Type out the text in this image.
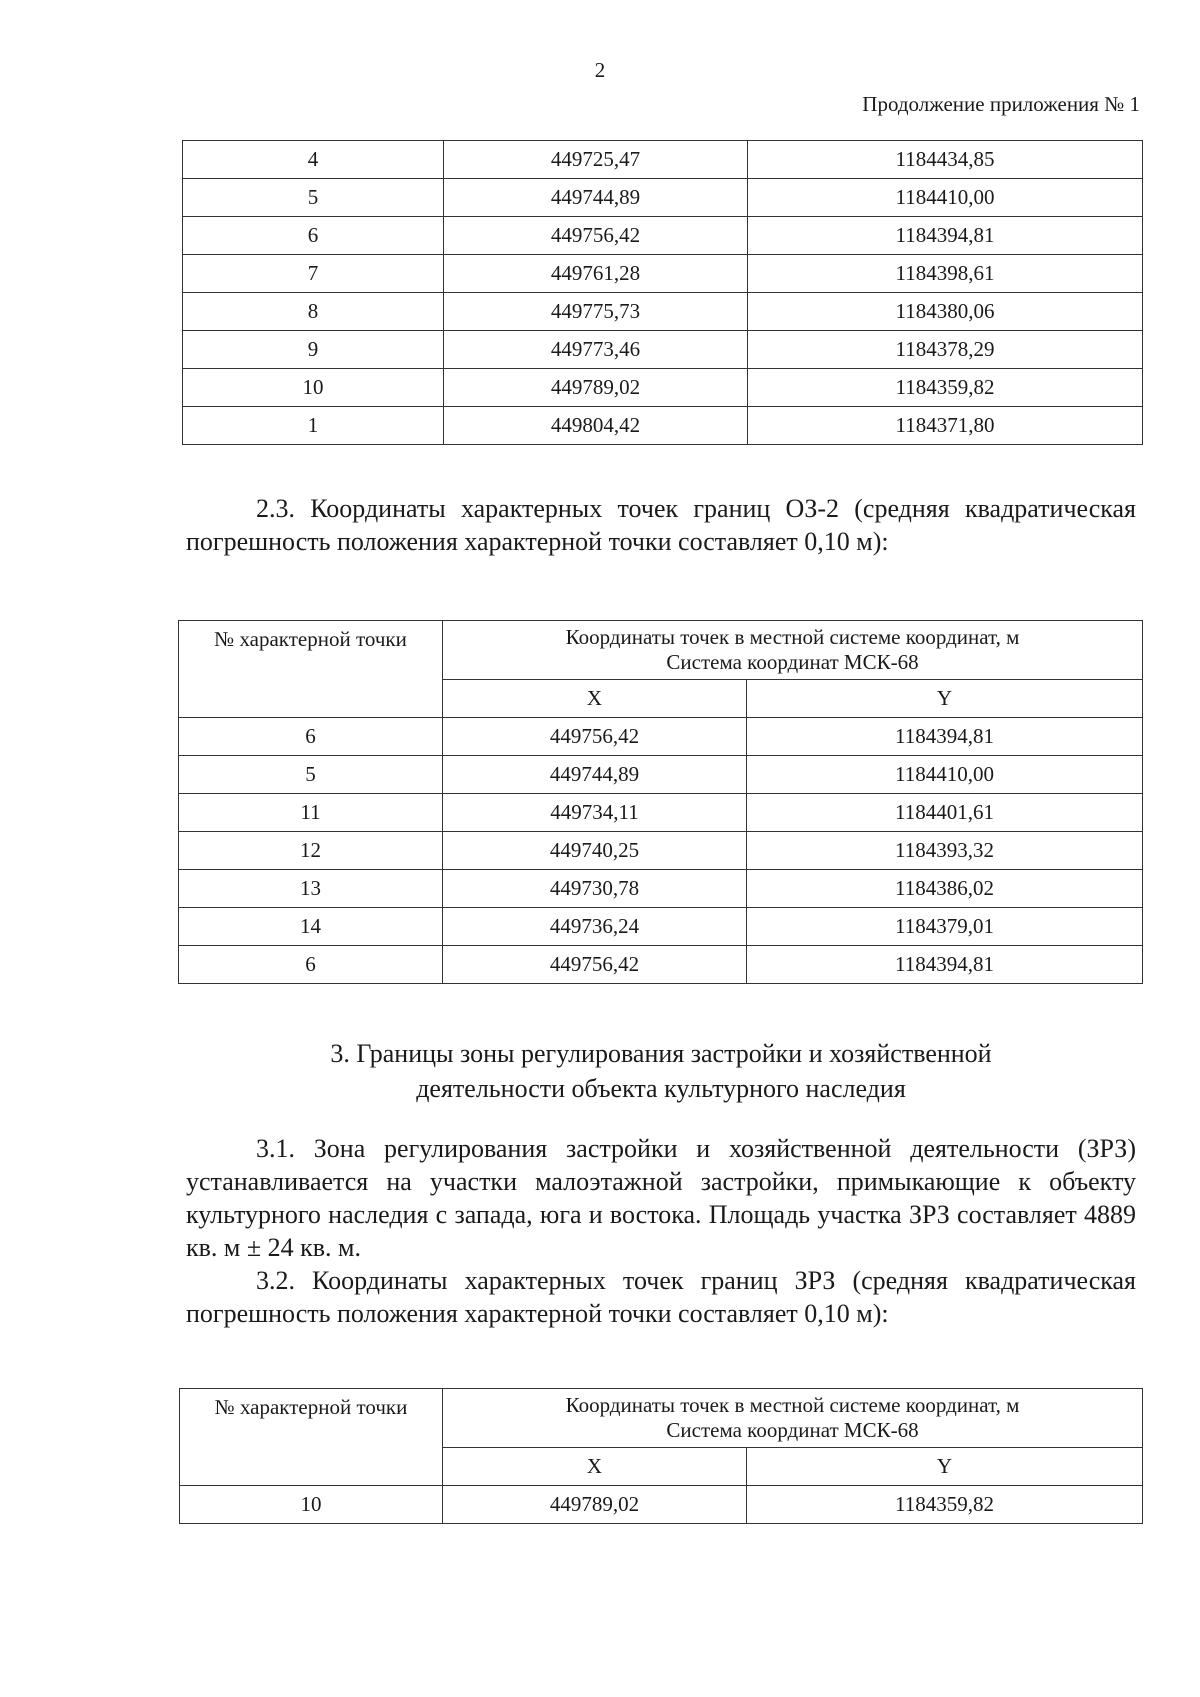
2
Продолжение приложения № 1
4	449725,47	1184434,85
5	449744,89	1184410,00
6	449756,42	1184394,81
7	449761,28	1184398,61
8	449775,73	1184380,06
9	449773,46	1184378,29
10	449789,02	1184359,82
1	449804,42	1184371,80
2.3. Координаты характерных точек границ ОЗ-2 (средняя квадратическая погрешность положения характерной точки составляет 0,10 м):
№ характерной точки	Координаты точек в местной системе координат, м
Система координат МСК-68	

	X	Y
6	449756,42	1184394,81
5	449744,89	1184410,00
11	449734,11	1184401,61
12	449740,25	1184393,32
13	449730,78	1184386,02
14	449736,24	1184379,01
6	449756,42	1184394,81
3. Границы зоны регулирования застройки и хозяйственной
деятельности объекта культурного наследия
3.1. Зона регулирования застройки и хозяйственной деятельности (ЗРЗ) устанавливается на участки малоэтажной застройки, примыкающие к объекту культурного наследия с запада, юга и востока. Площадь участка ЗРЗ составляет 4889 кв. м ± 24 кв. м.
3.2. Координаты характерных точек границ ЗРЗ (средняя квадратическая погрешность положения характерной точки составляет 0,10 м):
№ характерной точки	Координаты точек в местной системе координат, м
Система координат МСК-68	

	X	Y
10	449789,02	1184359,82
